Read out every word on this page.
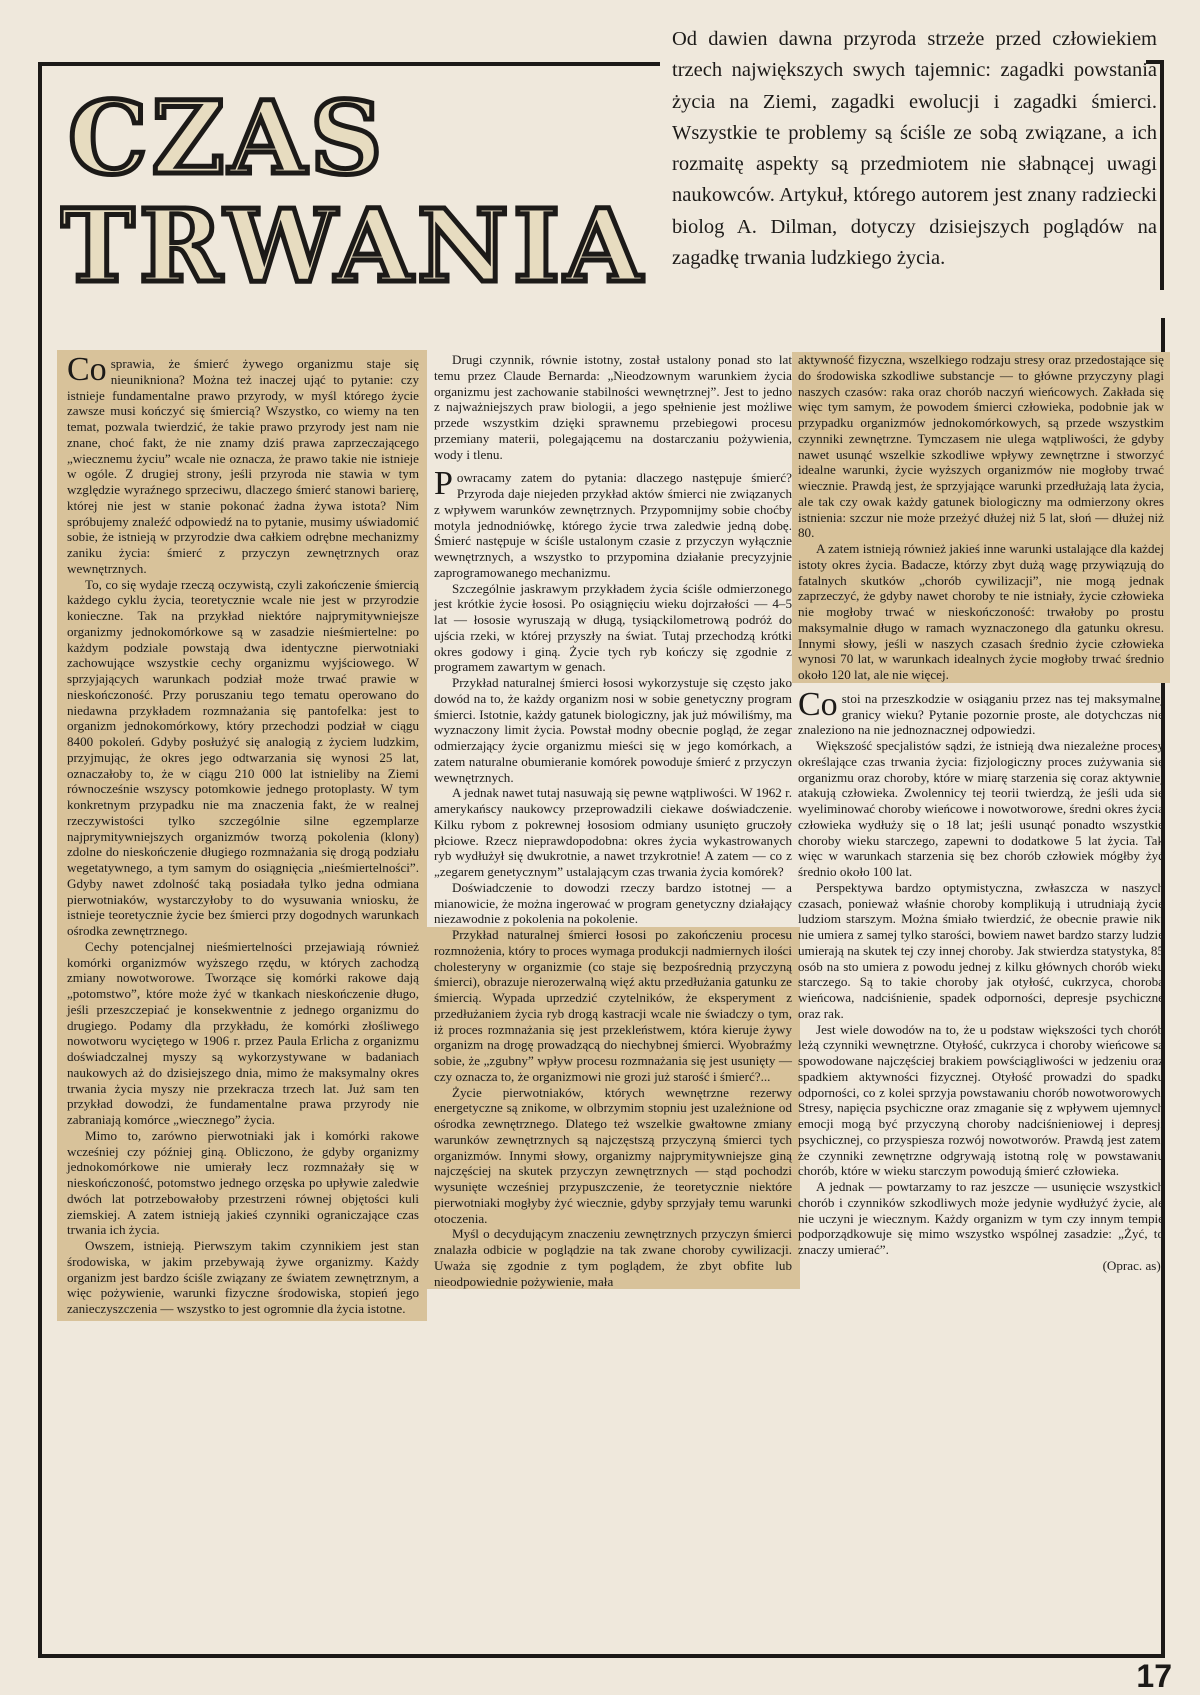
CZAS
TRWANIA

Od dawien dawna przyroda strzeże przed człowiekiem trzech największych swych tajemnic: zagadki powstania życia na Ziemi, zagadki ewolucji i zagadki śmierci. Wszystkie te problemy są ściśle ze sobą związane, a ich rozmaitę aspekty są przedmiotem nie słabnącej uwagi naukowców. Artykuł, którego autorem jest znany radziecki biolog A. Dilman, dotyczy dzisiejszych poglądów na zagadkę trwania ludzkiego życia.

Co sprawia, że śmierć żywego organizmu staje się nieunikniona? Można też inaczej ująć to pytanie: czy istnieje fundamentalne prawo przyrody, w myśl którego życie zawsze musi kończyć się śmiercią? Wszystko, co wiemy na ten temat, pozwala twierdzić, że takie prawo przyrody jest nam nie znane, choć fakt, że nie znamy dziś prawa zaprzeczającego „wiecznemu życiu” wcale nie oznacza, że prawo takie nie istnieje w ogóle. Z drugiej strony, jeśli przyroda nie stawia w tym względzie wyraźnego sprzeciwu, dlaczego śmierć stanowi barierę, której nie jest w stanie pokonać żadna żywa istota? Nim spróbujemy znaleźć odpowiedź na to pytanie, musimy uświadomić sobie, że istnieją w przyrodzie dwa całkiem odrębne mechanizmy zaniku życia: śmierć z przyczyn zewnętrznych oraz wewnętrznych.

To, co się wydaje rzeczą oczywistą, czyli zakończenie śmiercią każdego cyklu życia, teoretycznie wcale nie jest w przyrodzie konieczne. Tak na przykład niektóre najprymitywniejsze organizmy jednokomórkowe są w zasadzie nieśmiertelne: po każdym podziale powstają dwa identyczne pierwotniaki zachowujące wszystkie cechy organizmu wyjściowego. W sprzyjających warunkach podział może trwać prawie w nieskończoność. Przy poruszaniu tego tematu operowano do niedawna przykładem rozmnażania się pantofelka: jest to organizm jednokomórkowy, który przechodzi podział w ciągu 8400 pokoleń. Gdyby posłużyć się analogią z życiem ludzkim, przyjmując, że okres jego odtwarzania się wynosi 25 lat, oznaczałoby to, że w ciągu 210 000 lat istnieliby na Ziemi równocześnie wszyscy potomkowie jednego protoplasty. W tym konkretnym przypadku nie ma znaczenia fakt, że w realnej rzeczywistości tylko szczególnie silne egzemplarze najprymitywniejszych organizmów tworzą pokolenia (klony) zdolne do nieskończenie długiego rozmnażania się drogą podziału wegetatywnego, a tym samym do osiągnięcia „nieśmiertelności”. Gdyby nawet zdolność taką posiadała tylko jedna odmiana pierwotniaków, wystarczyłoby to do wysuwania wniosku, że istnieje teoretycznie życie bez śmierci przy dogodnych warunkach ośrodka zewnętrznego.

Cechy potencjalnej nieśmiertelności przejawiają również komórki organizmów wyższego rzędu, w których zachodzą zmiany nowotworowe. Tworzące się komórki rakowe dają „potomstwo”, które może żyć w tkankach nieskończenie długo, jeśli przeszczepiać je konsekwentnie z jednego organizmu do drugiego. Podamy dla przykładu, że komórki złośliwego nowotworu wyciętego w 1906 r. przez Paula Erlicha z organizmu doświadczalnej myszy są wykorzystywane w badaniach naukowych aż do dzisiejszego dnia, mimo że maksymalny okres trwania życia myszy nie przekracza trzech lat. Już sam ten przykład dowodzi, że fundamentalne prawa przyrody nie zabraniają komórce „wiecznego” życia.

Mimo to, zarówno pierwotniaki jak i komórki rakowe wcześniej czy później giną. Obliczono, że gdyby organizmy jednokomórkowe nie umierały lecz rozmnażały się w nieskończoność, potomstwo jednego orzęska po upływie zaledwie dwóch lat potrzebowałoby przestrzeni równej objętości kuli ziemskiej. A zatem istnieją jakieś czynniki ograniczające czas trwania ich życia.

Owszem, istnieją. Pierwszym takim czynnikiem jest stan środowiska, w jakim przebywają żywe organizmy. Każdy organizm jest bardzo ściśle związany ze światem zewnętrznym, a więc pożywienie, warunki fizyczne środowiska, stopień jego zanieczyszczenia — wszystko to jest ogromnie dla życia istotne.

Drugi czynnik, równie istotny, został ustalony ponad sto lat temu przez Claude Bernarda: „Nieodzownym warunkiem życia organizmu jest zachowanie stabilności wewnętrznej”. Jest to jedno z najważniejszych praw biologii, a jego spełnienie jest możliwe przede wszystkim dzięki sprawnemu przebiegowi procesu przemiany materii, polegającemu na dostarczaniu pożywienia, wody i tlenu.

Powracamy zatem do pytania: dlaczego następuje śmierć? Przyroda daje niejeden przykład aktów śmierci nie związanych z wpływem warunków zewnętrznych. Przypomnijmy sobie choćby motyla jednodniówkę, którego życie trwa zaledwie jedną dobę. Śmierć następuje w ściśle ustalonym czasie z przyczyn wyłącznie wewnętrznych, a wszystko to przypomina działanie precyzyjnie zaprogramowanego mechanizmu.

Szczególnie jaskrawym przykładem życia ściśle odmierzonego jest krótkie życie łososi. Po osiągnięciu wieku dojrzałości — 4–5 lat — łososie wyruszają w długą, tysiąckilometrową podróż do ujścia rzeki, w której przyszły na świat. Tutaj przechodzą krótki okres godowy i giną. Życie tych ryb kończy się zgodnie z programem zawartym w genach.

Przykład naturalnej śmierci łososi wykorzystuje się często jako dowód na to, że każdy organizm nosi w sobie genetyczny program śmierci. Istotnie, każdy gatunek biologiczny, jak już mówiliśmy, ma wyznaczony limit życia. Powstał modny obecnie pogląd, że zegar odmierzający życie organizmu mieści się w jego komórkach, a zatem naturalne obumieranie komórek powoduje śmierć z przyczyn wewnętrznych.

A jednak nawet tutaj nasuwają się pewne wątpliwości. W 1962 r. amerykańscy naukowcy przeprowadzili ciekawe doświadczenie. Kilku rybom z pokrewnej łososiom odmiany usunięto gruczoły płciowe. Rzecz nieprawdopodobna: okres życia wykastrowanych ryb wydłużył się dwukrotnie, a nawet trzykrotnie! A zatem — co z „zegarem genetycznym” ustalającym czas trwania życia komórek?

Doświadczenie to dowodzi rzeczy bardzo istotnej — a mianowicie, że można ingerować w program genetyczny działający niezawodnie z pokolenia na pokolenie.

Przykład naturalnej śmierci łososi po zakończeniu procesu rozmnożenia, który to proces wymaga produkcji nadmiernych ilości cholesteryny w organizmie (co staje się bezpośrednią przyczyną śmierci), obrazuje nierozerwalną więź aktu przedłużania gatunku ze śmiercią. Wypada uprzedzić czytelników, że eksperyment z przedłużaniem życia ryb drogą kastracji wcale nie świadczy o tym, iż proces rozmnażania się jest przekleństwem, która kieruje żywy organizm na drogę prowadzącą do niechybnej śmierci. Wyobraźmy sobie, że „zgubny” wpływ procesu rozmnażania się jest usunięty — czy oznacza to, że organizmowi nie grozi już starość i śmierć?...

Życie pierwotniaków, których wewnętrzne rezerwy energetyczne są znikome, w olbrzymim stopniu jest uzależnione od ośrodka zewnętrznego. Dlatego też wszelkie gwałtowne zmiany warunków zewnętrznych są najczęstszą przyczyną śmierci tych organizmów. Innymi słowy, organizmy najprymitywniejsze giną najczęściej na skutek przyczyn zewnętrznych — stąd pochodzi wysunięte wcześniej przypuszczenie, że teoretycznie niektóre pierwotniaki mogłyby żyć wiecznie, gdyby sprzyjały temu warunki otoczenia.

Myśl o decydującym znaczeniu zewnętrznych przyczyn śmierci znalazła odbicie w poglądzie na tak zwane choroby cywilizacji. Uważa się zgodnie z tym poglądem, że zbyt obfite lub nieodpowiednie pożywienie, mała

aktywność fizyczna, wszelkiego rodzaju stresy oraz przedostające się do środowiska szkodliwe substancje — to główne przyczyny plagi naszych czasów: raka oraz chorób naczyń wieńcowych. Zakłada się więc tym samym, że powodem śmierci człowieka, podobnie jak w przypadku organizmów jednokomórkowych, są przede wszystkim czynniki zewnętrzne. Tymczasem nie ulega wątpliwości, że gdyby nawet usunąć wszelkie szkodliwe wpływy zewnętrzne i stworzyć idealne warunki, życie wyższych organizmów nie mogłoby trwać wiecznie. Prawdą jest, że sprzyjające warunki przedłużają lata życia, ale tak czy owak każdy gatunek biologiczny ma odmierzony okres istnienia: szczur nie może przeżyć dłużej niż 5 lat, słoń — dłużej niż 80.

A zatem istnieją również jakieś inne warunki ustalające dla każdej istoty okres życia. Badacze, którzy zbyt dużą wagę przywiązują do fatalnych skutków „chorób cywilizacji”, nie mogą jednak zaprzeczyć, że gdyby nawet choroby te nie istniały, życie człowieka nie mogłoby trwać w nieskończoność: trwałoby po prostu maksymalnie długo w ramach wyznaczonego dla gatunku okresu. Innymi słowy, jeśli w naszych czasach średnio życie człowieka wynosi 70 lat, w warunkach idealnych życie mogłoby trwać średnio około 120 lat, ale nie więcej.

Co stoi na przeszkodzie w osiąganiu przez nas tej maksymalnej granicy wieku? Pytanie pozornie proste, ale dotychczas nie znaleziono na nie jednoznacznej odpowiedzi.

Większość specjalistów sądzi, że istnieją dwa niezależne procesy określające czas trwania życia: fizjologiczny proces zużywania się organizmu oraz choroby, które w miarę starzenia się coraz aktywniej atakują człowieka. Zwolennicy tej teorii twierdzą, że jeśli uda się wyeliminować choroby wieńcowe i nowotworowe, średni okres życia człowieka wydłuży się o 18 lat; jeśli usunąć ponadto wszystkie choroby wieku starczego, zapewni to dodatkowe 5 lat życia. Tak więc w warunkach starzenia się bez chorób człowiek mógłby żyć średnio około 100 lat.

Perspektywa bardzo optymistyczna, zwłaszcza w naszych czasach, ponieważ właśnie choroby komplikują i utrudniają życie ludziom starszym. Można śmiało twierdzić, że obecnie prawie nikt nie umiera z samej tylko starości, bowiem nawet bardzo starzy ludzie umierają na skutek tej czy innej choroby. Jak stwierdza statystyka, 85 osób na sto umiera z powodu jednej z kilku głównych chorób wieku starczego. Są to takie choroby jak otyłość, cukrzyca, choroba wieńcowa, nadciśnienie, spadek odporności, depresje psychiczne oraz rak.

Jest wiele dowodów na to, że u podstaw większości tych chorób leżą czynniki wewnętrzne. Otyłość, cukrzyca i choroby wieńcowe są spowodowane najczęściej brakiem powściągliwości w jedzeniu oraz spadkiem aktywności fizycznej. Otyłość prowadzi do spadku odporności, co z kolei sprzyja powstawaniu chorób nowotworowych. Stresy, napięcia psychiczne oraz zmaganie się z wpływem ujemnych emocji mogą być przyczyną choroby nadciśnieniowej i depresji psychicznej, co przyspiesza rozwój nowotworów. Prawdą jest zatem, że czynniki zewnętrzne odgrywają istotną rolę w powstawaniu chorób, które w wieku starczym powodują śmierć człowieka.

A jednak — powtarzamy to raz jeszcze — usunięcie wszystkich chorób i czynników szkodliwych może jedynie wydłużyć życie, ale nie uczyni je wiecznym. Każdy organizm w tym czy innym tempie podporządkowuje się mimo wszystko wspólnej zasadzie: „Żyć, to znaczy umierać”.

(Oprac. as).

17
